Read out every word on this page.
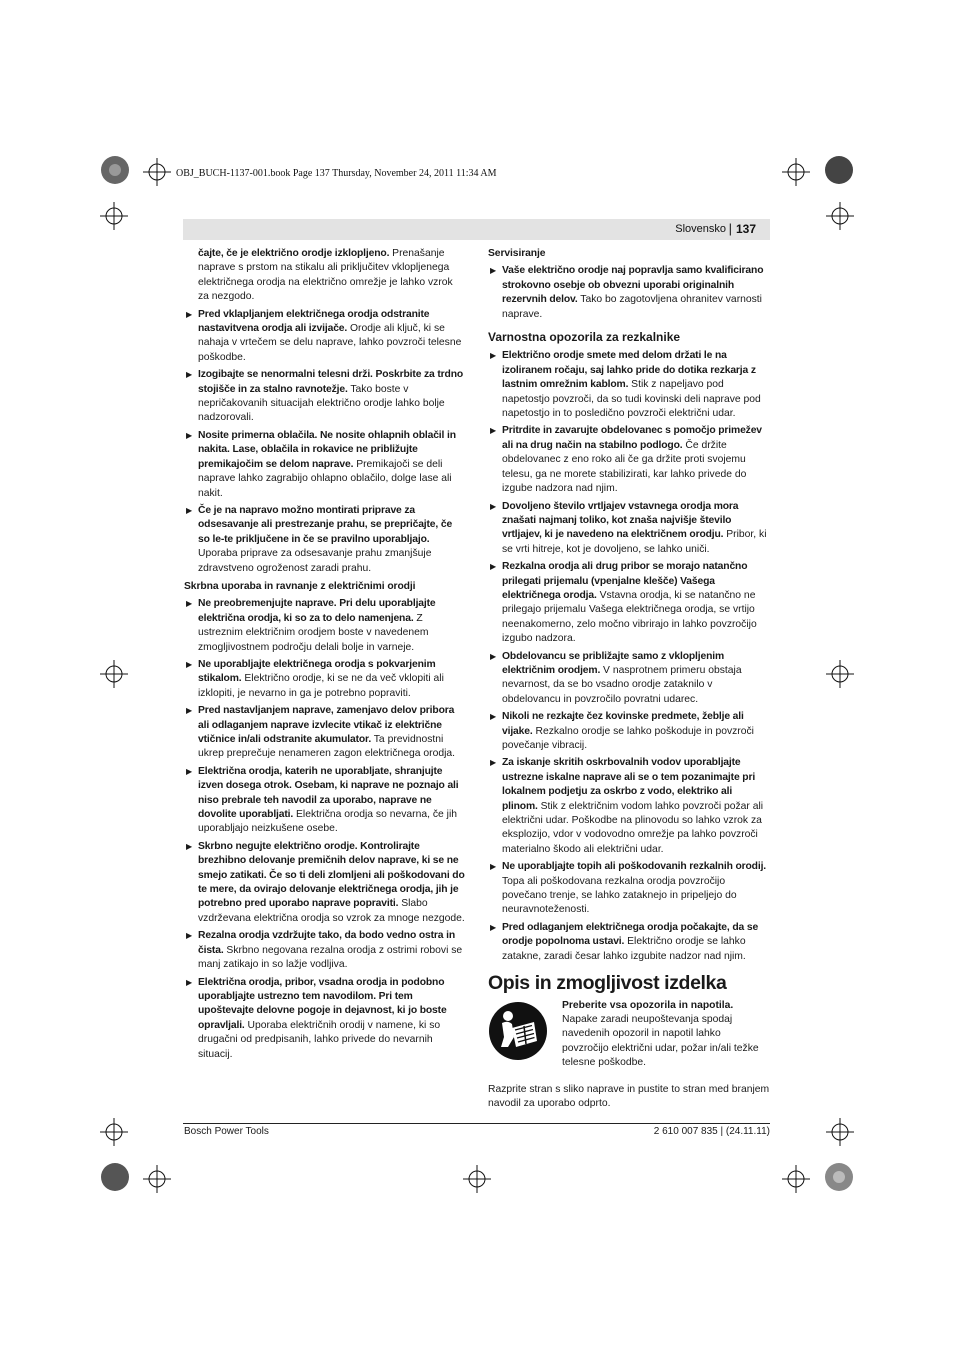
OBJ_BUCH-1137-001.book Page 137 Thursday, November 24, 2011 11:34 AM
Slovensko | 137

čajte, če je električno orodje izklopljeno. Prenašanje naprave s prstom na stikalu ali priključitev vklopljenega električnega orodja na električno omrežje je lahko vzrok za nezgodo.

▶ Pred vklapljanjem električnega orodja odstranite nastavitvena orodja ali izvijače. Orodje ali ključ, ki se nahaja v vrtečem se delu naprave, lahko povzroči telesne poškodbe.

▶ Izogibajte se nenormalni telesni drži. Poskrbite za trdno stojišče in za stalno ravnotežje. Tako boste v nepričakovanih situacijah električno orodje lahko bolje nadzorovali.

▶ Nosite primerna oblačila. Ne nosite ohlapnih oblačil in nakita. Lase, oblačila in rokavice ne približujte premikajočim se delom naprave. Premikajoči se deli naprave lahko zagrabijo ohlapno oblačilo, dolge lase ali nakit.

▶ Če je na napravo možno montirati priprave za odsesavanje ali prestrezanje prahu, se prepričajte, če so le-te priključene in če se pravilno uporabljajo. Uporaba priprave za odsesavanje prahu zmanjšuje zdravstveno ogroženost zaradi prahu.

Skrbna uporaba in ravnanje z električnimi orodji

▶ Ne preobremenjujte naprave. Pri delu uporabljajte električna orodja, ki so za to delo namenjena. Z ustreznim električnim orodjem boste v navedenem zmogljivostnem področju delali bolje in varneje.

▶ Ne uporabljajte električnega orodja s pokvarjenim stikalom. Električno orodje, ki se ne da več vklopiti ali izklopiti, je nevarno in ga je potrebno popraviti.

▶ Pred nastavljanjem naprave, zamenjavo delov pribora ali odlaganjem naprave izvlecite vtikač iz električne vtičnice in/ali odstranite akumulator. Ta previdnostni ukrep preprečuje nenameren zagon električnega orodja.

▶ Električna orodja, katerih ne uporabljate, shranjujte izven dosega otrok. Osebam, ki naprave ne poznajo ali niso prebrale teh navodil za uporabo, naprave ne dovolite uporabljati. Električna orodja so nevarna, če jih uporabljajo neizkušene osebe.

▶ Skrbno negujte električno orodje. Kontrolirajte brezhibno delovanje premičnih delov naprave, ki se ne smejo zatikati. Če so ti deli zlomljeni ali poškodovani do te mere, da ovirajo delovanje električnega orodja, jih je potrebno pred uporabo naprave popraviti. Slabo vzdrževana električna orodja so vzrok za mnoge nezgode.

▶ Rezalna orodja vzdržujte tako, da bodo vedno ostra in čista. Skrbno negovana rezalna orodja z ostrimi robovi se manj zatikajo in so lažje vodljiva.

▶ Električna orodja, pribor, vsadna orodja in podobno uporabljajte ustrezno tem navodilom. Pri tem upoštevajte delovne pogoje in dejavnost, ki jo boste opravljali. Uporaba električnih orodij v namene, ki so drugačni od predpisanih, lahko privede do nevarnih situacij.

Servisiranje

▶ Vaše električno orodje naj popravlja samo kvalificirano strokovno osebje ob obvezni uporabi originalnih rezervnih delov. Tako bo zagotovljena ohranitev varnosti naprave.

Varnostna opozorila za rezkalnike

▶ Električno orodje smete med delom držati le na izoliranem ročaju, saj lahko pride do dotika rezkarja z lastnim omrežnim kablom. Stik z napeljavo pod napetostjo povzroči, da so tudi kovinski deli naprave pod napetostjo in to posledično povzroči električni udar.

▶ Pritrdite in zavarujte obdelovanec s pomočjo primežev ali na drug način na stabilno podlogo. Če držite obdelovanec z eno roko ali če ga držite proti svojemu telesu, ga ne morete stabilizirati, kar lahko privede do izgube nadzora nad njim.

▶ Dovoljeno število vrtljajev vstavnega orodja mora znašati najmanj toliko, kot znaša najvišje število vrtljajev, ki je navedeno na električnem orodju. Pribor, ki se vrti hitreje, kot je dovoljeno, se lahko uniči.

▶ Rezkalna orodja ali drug pribor se morajo natančno prilegati prijemalu (vpenjalne klešče) Vašega električnega orodja. Vstavna orodja, ki se natančno ne prilegajo prijemalu Vašega električnega orodja, se vrtijo neenakomerno, zelo močno vibrirajo in lahko povzročijo izgubo nadzora.

▶ Obdelovancu se približajte samo z vklopljenim električnim orodjem. V nasprotnem primeru obstaja nevarnost, da se bo vsadno orodje zataknilo v obdelovancu in povzročilo povratni udarec.

▶ Nikoli ne rezkajte čez kovinske predmete, žeblje ali vijake. Rezkalno orodje se lahko poškoduje in povzroči povečanje vibracij.

▶ Za iskanje skritih oskrbovalnih vodov uporabljajte ustrezne iskalne naprave ali se o tem pozanimajte pri lokalnem podjetju za oskrbo z vodo, elektriko ali plinom. Stik z električnim vodom lahko povzroči požar ali električni udar. Poškodbe na plinovodu so lahko vzrok za eksplozijo, vdor v vodovodno omrežje pa lahko povzroči materialno škodo ali električni udar.

▶ Ne uporabljajte topih ali poškodovanih rezkalnih orodij. Topa ali poškodovana rezkalna orodja povzročijo povečano trenje, se lahko zataknejo in pripeljejo do neuravnoteženosti.

▶ Pred odlaganjem električnega orodja počakajte, da se orodje popolnoma ustavi. Električno orodje se lahko zatakne, zaradi česar lahko izgubite nadzor nad njim.

Opis in zmogljivost izdelka

Preberite vsa opozorila in napotila. Napake zaradi neupoštevanja spodaj navedenih opozoril in napotil lahko povzročijo električni udar, požar in/ali težke telesne poškodbe.

Razprite stran s sliko naprave in pustite to stran med branjem navodil za uporabo odprto.

Bosch Power Tools	2 610 007 835 | (24.11.11)
